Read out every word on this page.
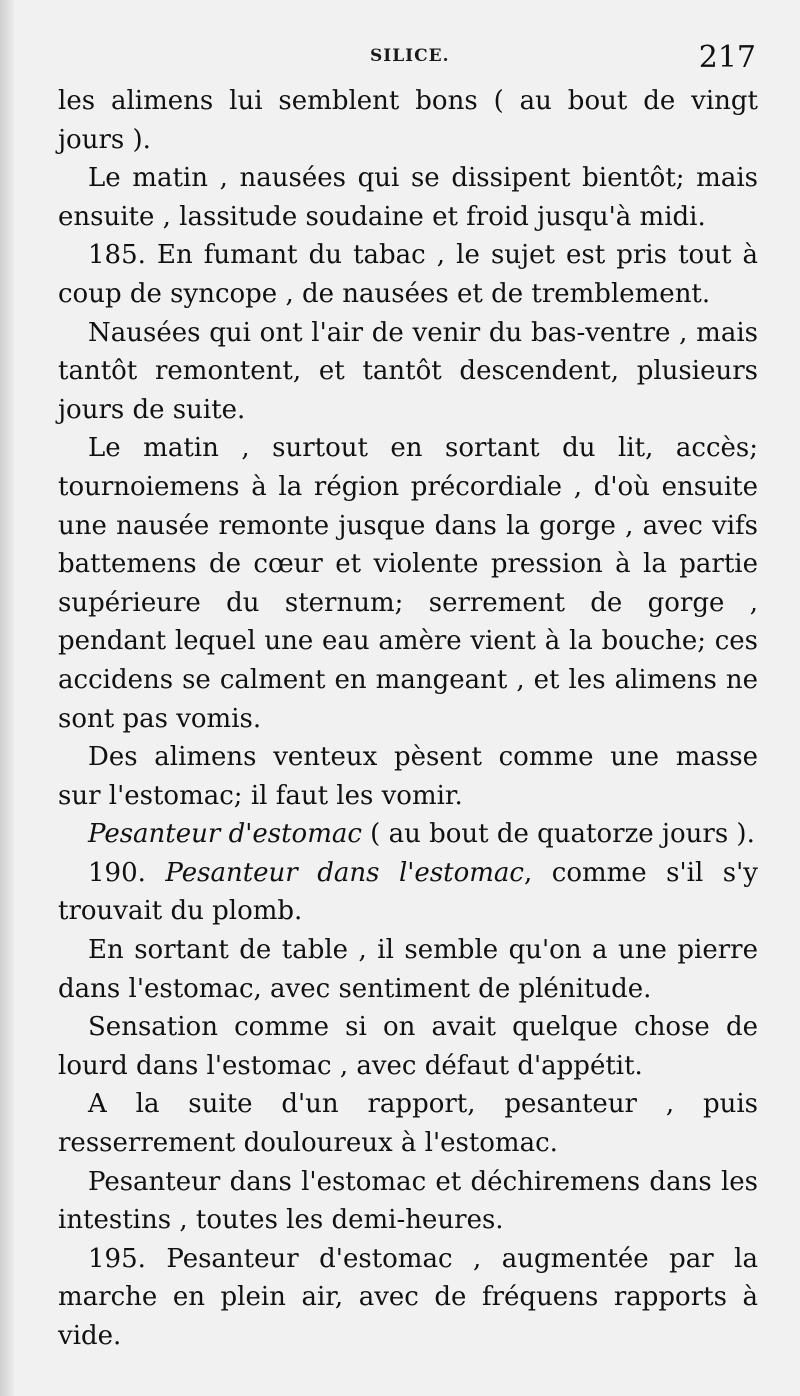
SILICE.	217

les alimens lui semblent bons ( au bout de vingt jours ).

Le matin , nausées qui se dissipent bientôt; mais ensuite , lassitude soudaine et froid jusqu'à midi.

185. En fumant du tabac , le sujet est pris tout à coup de syncope , de nausées et de tremblement.

Nausées qui ont l'air de venir du bas-ventre , mais tantôt remontent, et tantôt descendent, plusieurs jours de suite.

Le matin , surtout en sortant du lit, accès; tournoiemens à la région précordiale , d'où ensuite une nausée remonte jusque dans la gorge , avec vifs battemens de cœur et violente pression à la partie supérieure du sternum; serrement de gorge , pendant lequel une eau amère vient à la bouche; ces accidens se calment en mangeant , et les alimens ne sont pas vomis.

Des alimens venteux pèsent comme une masse sur l'estomac; il faut les vomir.

Pesanteur d'estomac ( au bout de quatorze jours ).

190. Pesanteur dans l'estomac, comme s'il s'y trouvait du plomb.

En sortant de table , il semble qu'on a une pierre dans l'estomac, avec sentiment de plénitude.

Sensation comme si on avait quelque chose de lourd dans l'estomac , avec défaut d'appétit.

A la suite d'un rapport, pesanteur , puis resserrement douloureux à l'estomac.

Pesanteur dans l'estomac et déchiremens dans les intestins , toutes les demi-heures.

195. Pesanteur d'estomac , augmentée par la marche en plein air, avec de fréquens rapports à vide.
